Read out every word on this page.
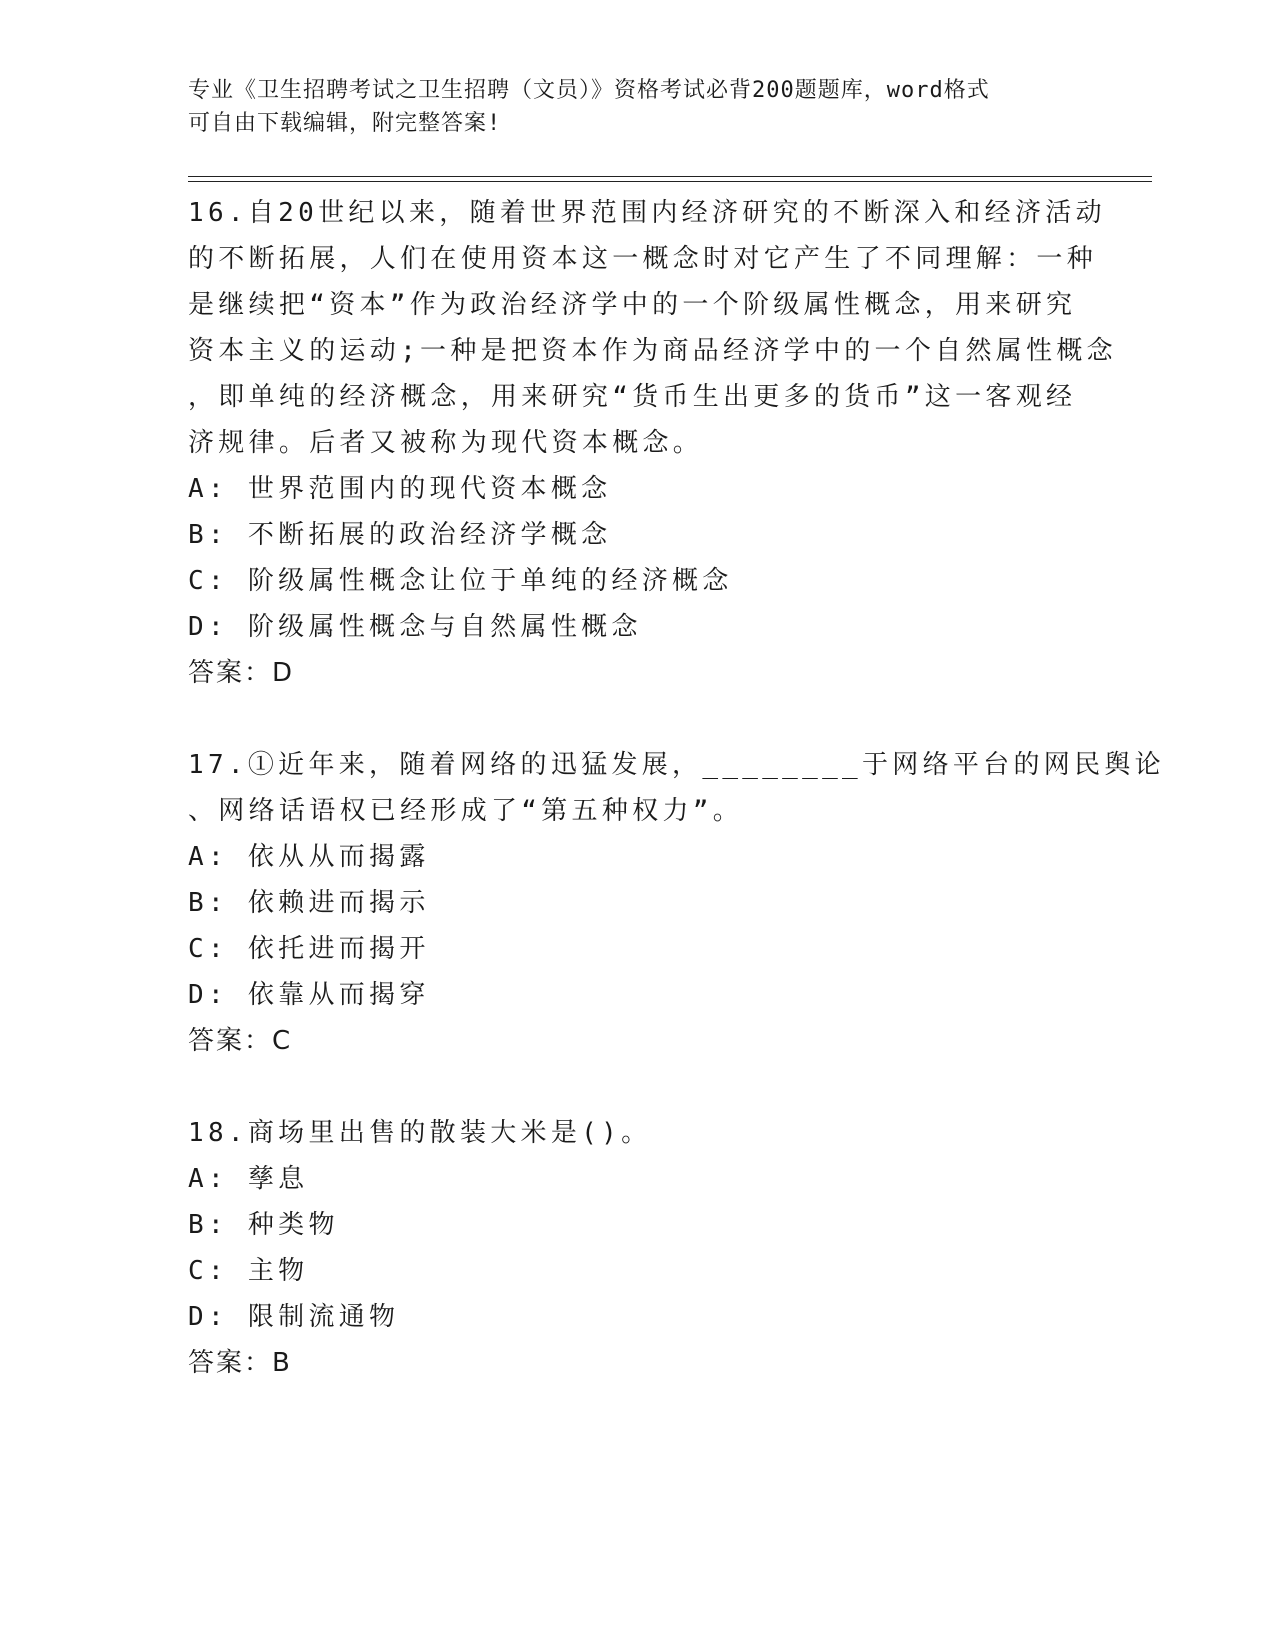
专业《卫生招聘考试之卫生招聘（文员）》资格考试必背200题题库，word格式
可自由下载编辑，附完整答案!
16.自20世纪以来，随着世界范围内经济研究的不断深入和经济活动
的不断拓展，人们在使用资本这一概念时对它产生了不同理解：一种
是继续把“资本”作为政治经济学中的一个阶级属性概念，用来研究
资本主义的运动;一种是把资本作为商品经济学中的一个自然属性概念
，即单纯的经济概念，用来研究“货币生出更多的货币”这一客观经
济规律。后者又被称为现代资本概念。
A: 世界范围内的现代资本概念
B: 不断拓展的政治经济学概念
C: 阶级属性概念让位于单纯的经济概念
D: 阶级属性概念与自然属性概念
答案：D
17.①近年来，随着网络的迅猛发展，________于网络平台的网民舆论
、网络话语权已经形成了“第五种权力”。
A: 依从从而揭露
B: 依赖进而揭示
C: 依托进而揭开
D: 依靠从而揭穿
答案：C
18.商场里出售的散装大米是()。
A: 孳息
B: 种类物
C: 主物
D: 限制流通物
答案：B
